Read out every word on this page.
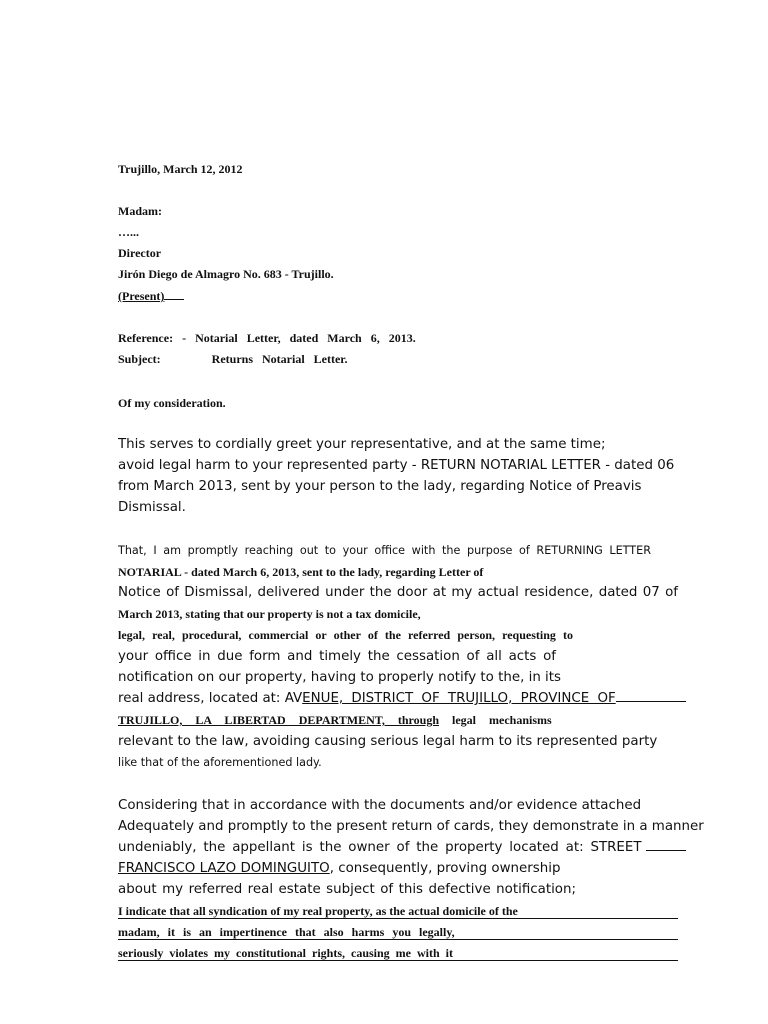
Trujillo, March 12, 2012
Madam:
…...
Director
Jirón Diego de Almagro No. 683 - Trujillo.
(Present)
Reference:   -   Notarial   Letter,   dated   March   6,   2013.
Subject:	Returns   Notarial   Letter.
Of my consideration.
This serves to cordially greet your representative, and at the same time;
avoid legal harm to your represented party - RETURN NOTARIAL LETTER - dated 06
from March 2013, sent by your person to the lady, regarding Notice of Preavis
Dismissal.
That, I am promptly reaching out to your office with the purpose of RETURNING LETTER
NOTARIAL - dated March 6, 2013, sent to the lady, regarding Letter of
Notice of Dismissal, delivered under the door at my actual residence, dated 07 of
March 2013, stating that our property is not a tax domicile,
legal, real, procedural, commercial or other of the referred person, requesting to
your office in due form and timely the cessation of all acts of
notification on our property, having to properly notify to the, in its
real address, located at: AVENUE, DISTRICT OF TRUJILLO, PROVINCE OF
TRUJILLO, LA LIBERTAD DEPARTMENT, through legal mechanisms
relevant to the law, avoiding causing serious legal harm to its represented party
like that of the aforementioned lady.
Considering that in accordance with the documents and/or evidence attached
Adequately and promptly to the present return of cards, they demonstrate in a manner
undeniably, the appellant is the owner of the property located at: STREET
FRANCISCO LAZO DOMINGUITO, consequently, proving ownership
about my referred real estate subject of this defective notification;
I indicate that all syndication of my real property, as the actual domicile of the
madam, it is an impertinence that also harms you legally,
seriously violates my constitutional rights, causing me with it
